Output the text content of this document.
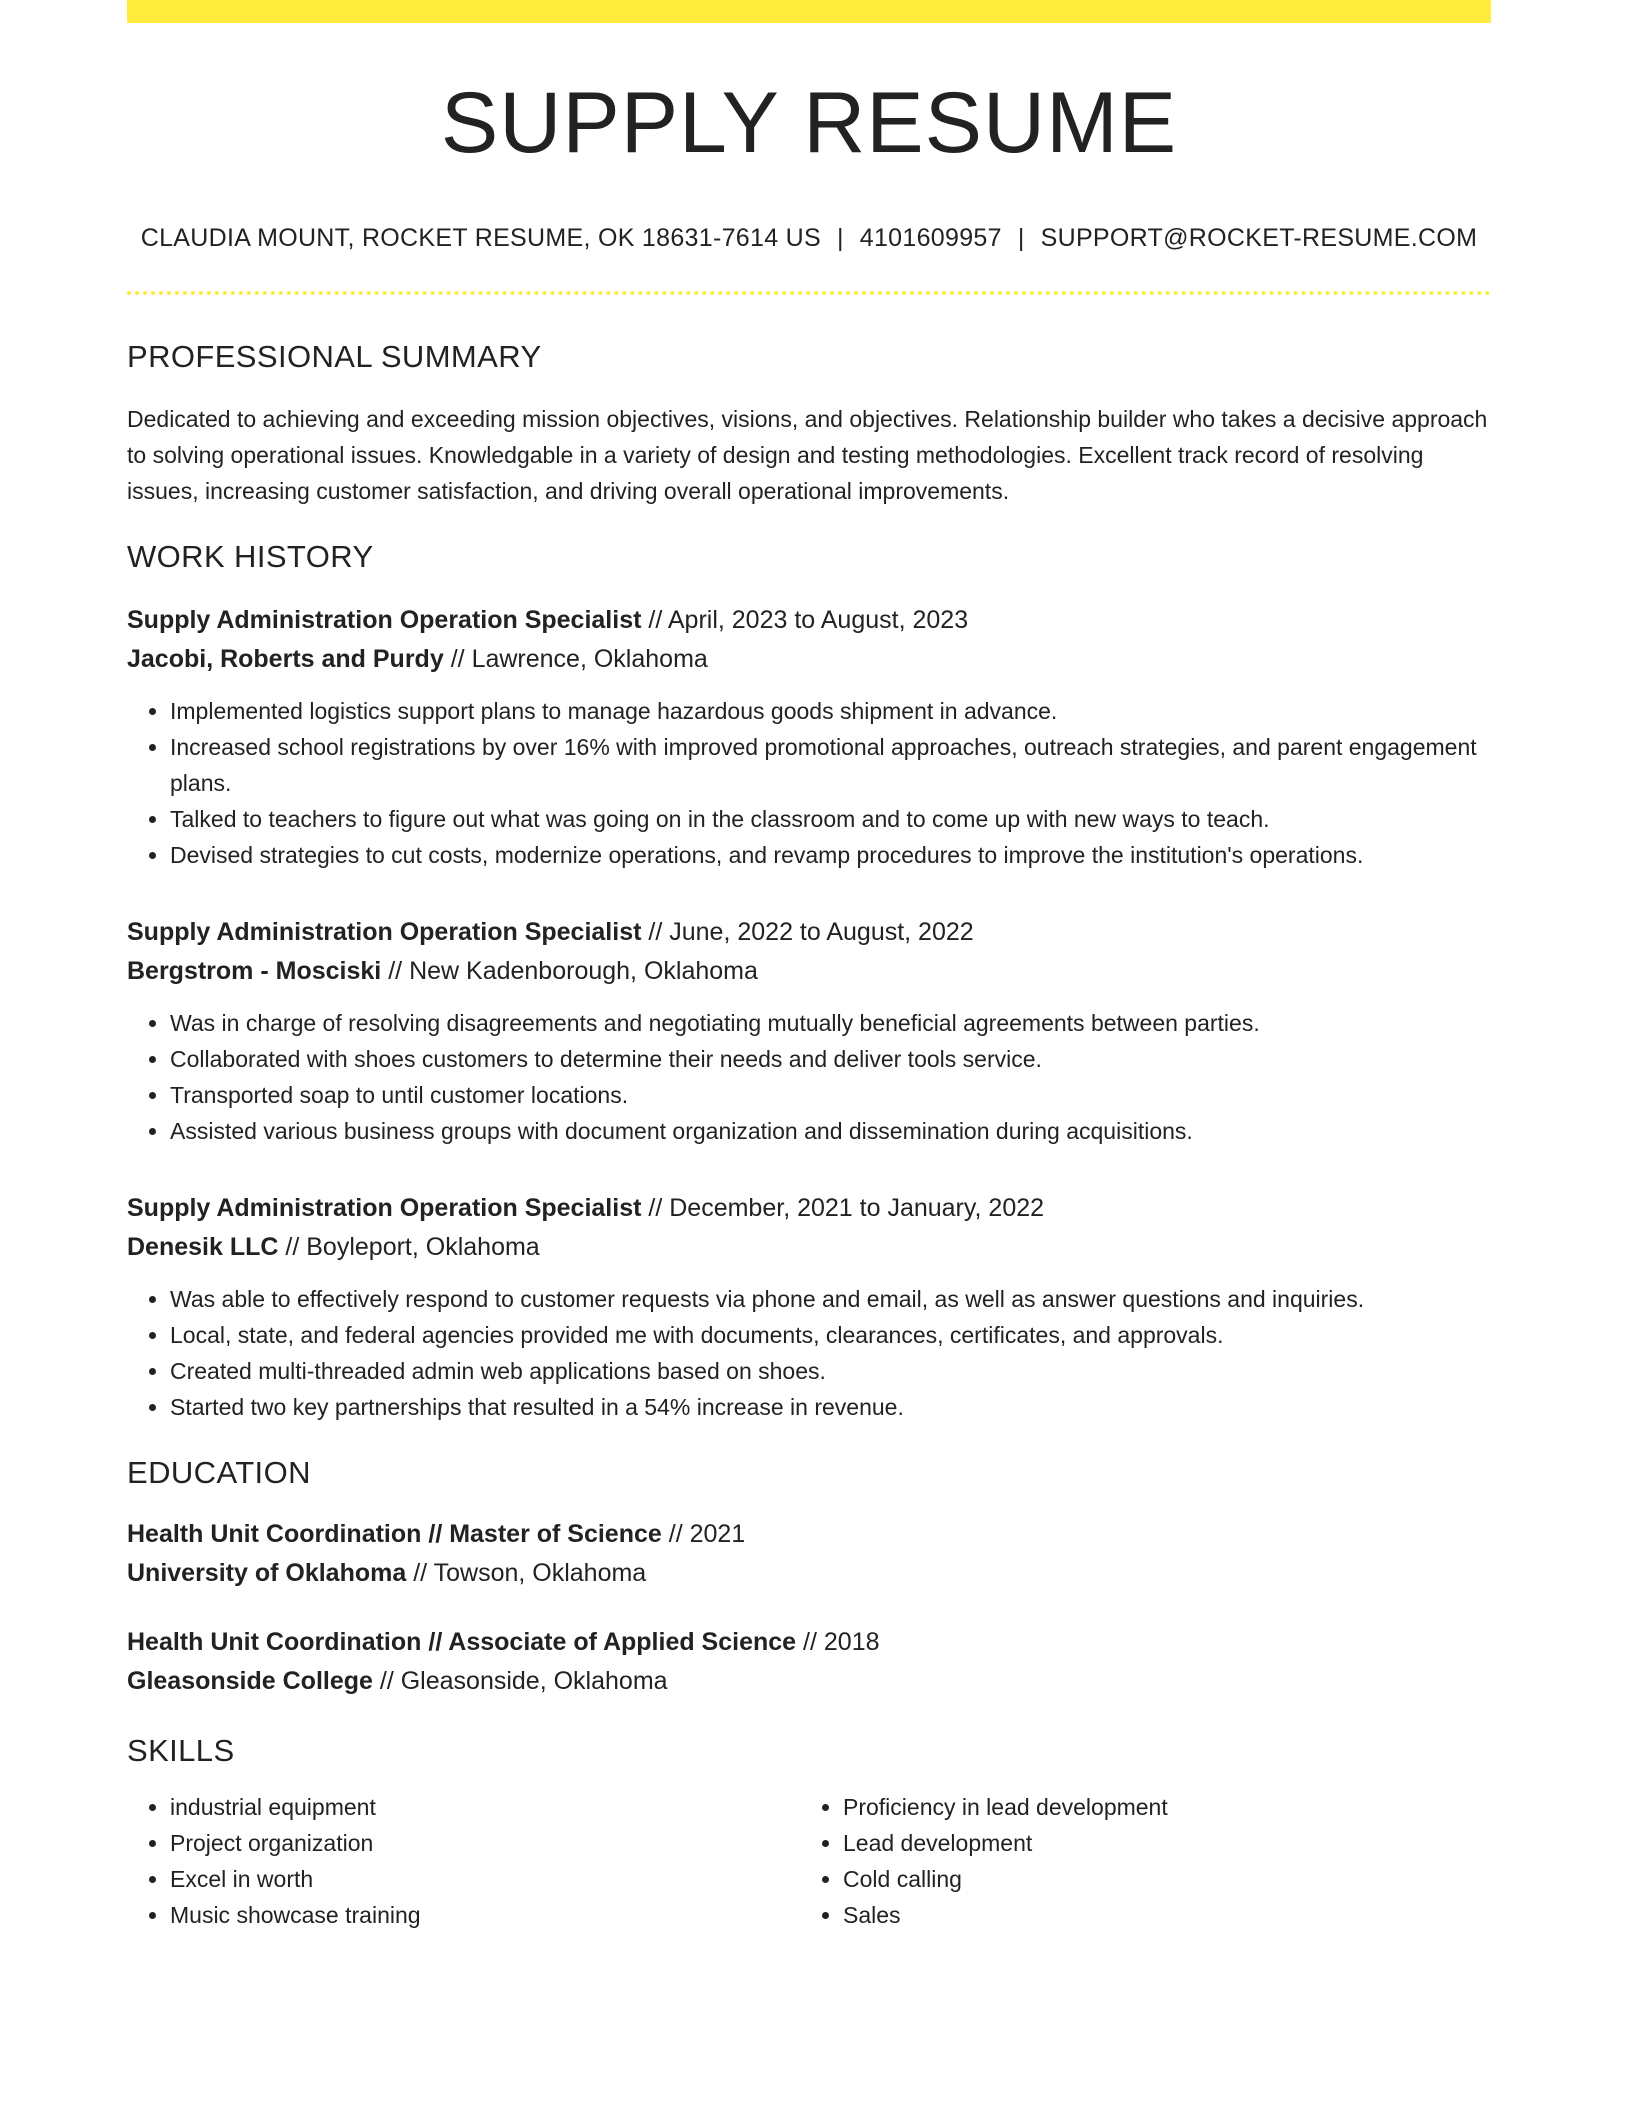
SUPPLY RESUME
CLAUDIA MOUNT, ROCKET RESUME, OK 18631-7614 US | 4101609957 | SUPPORT@ROCKET-RESUME.COM
PROFESSIONAL SUMMARY
Dedicated to achieving and exceeding mission objectives, visions, and objectives. Relationship builder who takes a decisive approach to solving operational issues. Knowledgable in a variety of design and testing methodologies. Excellent track record of resolving issues, increasing customer satisfaction, and driving overall operational improvements.
WORK HISTORY
Supply Administration Operation Specialist // April, 2023 to August, 2023
Jacobi, Roberts and Purdy // Lawrence, Oklahoma
• Implemented logistics support plans to manage hazardous goods shipment in advance.
• Increased school registrations by over 16% with improved promotional approaches, outreach strategies, and parent engagement plans.
• Talked to teachers to figure out what was going on in the classroom and to come up with new ways to teach.
• Devised strategies to cut costs, modernize operations, and revamp procedures to improve the institution's operations.
Supply Administration Operation Specialist // June, 2022 to August, 2022
Bergstrom - Mosciski // New Kadenborough, Oklahoma
• Was in charge of resolving disagreements and negotiating mutually beneficial agreements between parties.
• Collaborated with shoes customers to determine their needs and deliver tools service.
• Transported soap to until customer locations.
• Assisted various business groups with document organization and dissemination during acquisitions.
Supply Administration Operation Specialist // December, 2021 to January, 2022
Denesik LLC // Boyleport, Oklahoma
• Was able to effectively respond to customer requests via phone and email, as well as answer questions and inquiries.
• Local, state, and federal agencies provided me with documents, clearances, certificates, and approvals.
• Created multi-threaded admin web applications based on shoes.
• Started two key partnerships that resulted in a 54% increase in revenue.
EDUCATION
Health Unit Coordination // Master of Science // 2021
University of Oklahoma // Towson, Oklahoma
Health Unit Coordination // Associate of Applied Science // 2018
Gleasonside College // Gleasonside, Oklahoma
SKILLS
• industrial equipment
• Project organization
• Excel in worth
• Music showcase training
• Proficiency in lead development
• Lead development
• Cold calling
• Sales
